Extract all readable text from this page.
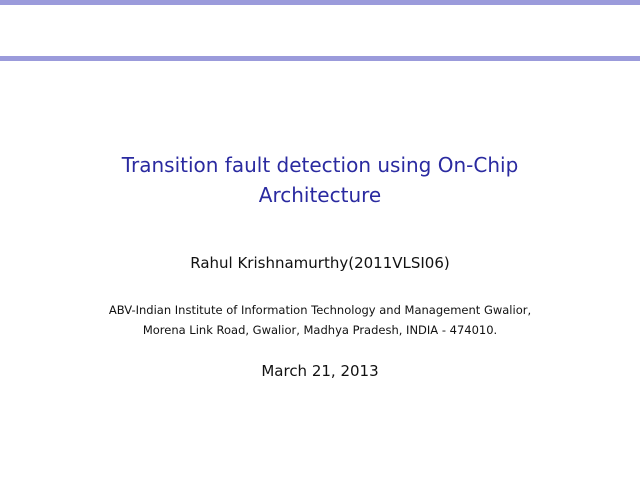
Transition fault detection using On-Chip
Architecture
Rahul Krishnamurthy(2011VLSI06)
ABV-Indian Institute of Information Technology and Management Gwalior,
Morena Link Road, Gwalior, Madhya Pradesh, INDIA - 474010.
March 21, 2013
